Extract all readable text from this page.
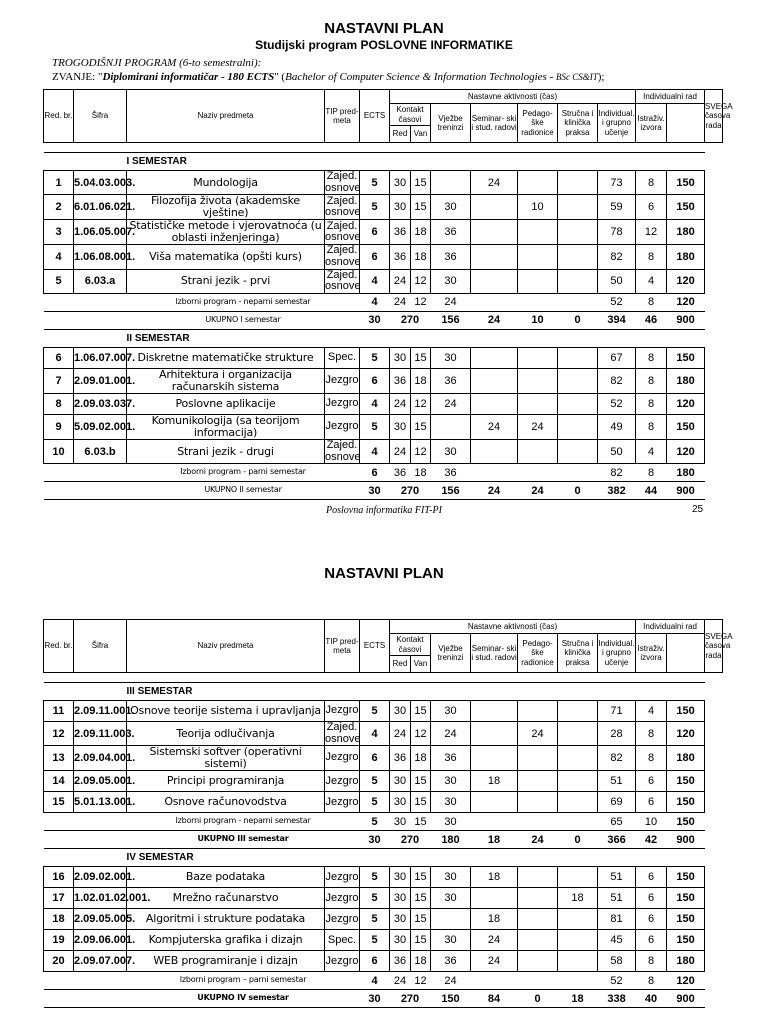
NASTAVNI PLAN
Studijski program POSLOVNE INFORMATIKE
TROGODIŠNJI PROGRAM (6-to semestralni):
ZVANJE: "Diplomirani informatičar - 180 ECTS" (Bachelor of Computer Science & Information Technologies - BSc CS&IT);
Red. br.	Šifra	Naziv predmeta	TIP pred- meta	ECTS	Nastavne aktivnosti (čas)							Individualni rad		SVEGA časova rada
					Kontakt časovi		Vježbe treninzi	Seminar- ski i stud. radovi	Pedago- ške radionice	Stručna i klinička praksa	Individual. i grupno učenje	Istraživ. izvora		
					Red	Van								

		I SEMESTAR												
1	5.04.03.003.	Mundologija	Zajed. osnove	5	30	15		24			73	8	150	
2	6.01.06.021.	Filozofija života (akademske vještine)	Zajed. osnove	5	30	15	30		10		59	6	150	
3	1.06.05.007.	Statističke metode i vjerovatnoća (u oblasti inženjeringa)	Zajed. osnove	6	36	18	36				78	12	180	
4	1.06.08.001.	Viša matematika (opšti kurs)	Zajed. osnove	6	36	18	36				82	8	180	
5	6.03.a	Strani jezik - prvi	Zajed. osnove	4	24	12	30				50	4	120	
		Izborni program - neparni semestar		4	24	12	24				52	8	120	
		UKUPNO I semestar		30	270		156	24	10	0	394	46	900	
		II SEMESTAR												
6	1.06.07.007.	Diskretne matematičke strukture	Spec.	5	30	15	30				67	8	150	
7	2.09.01.001.	Arhitektura i organizacija računarskih sistema	Jezgro	6	36	18	36				82	8	180	
8	2.09.03.037.	Poslovne aplikacije	Jezgro	4	24	12	24				52	8	120	
9	5.09.02.001.	Komunikologija (sa teorijom informacija)	Jezgro	5	30	15		24	24		49	8	150	
10	6.03.b	Strani jezik - drugi	Zajed. osnove	4	24	12	30				50	4	120	
		Izborni program - parni semestar		6	36	18	36				82	8	180	
		UKUPNO II semestar		30	270		156	24	24	0	382	44	900	
Poslovna informatika FIT-PI	25
NASTAVNI PLAN
Red. br.	Šifra	Naziv predmeta	TIP pred- meta	ECTS	Nastavne aktivnosti (čas)							Individualni rad		SVEGA časova rada
					Kontakt časovi		Vježbe treninzi	Seminar- ski i stud. radovi	Pedago- ške radionice	Stručna i klinička praksa	Individual. i grupno učenje	Istraživ. izvora		
					Red	Van								

		III SEMESTAR												
11	2.09.11.001.	Osnove teorije sistema i upravljanja	Jezgro	5	30	15	30				71	4	150	
12	2.09.11.003.	Teorija odlučivanja	Zajed. osnove	4	24	12	24		24		28	8	120	
13	2.09.04.001.	Sistemski softver (operativni sistemi)	Jezgro	6	36	18	36				82	8	180	
14	2.09.05.001.	Principi programiranja	Jezgro	5	30	15	30	18			51	6	150	
15	5.01.13.001.	Osnove računovodstva	Jezgro	5	30	15	30				69	6	150	
		Izborni program - neparni semestar		5	30	15	30				65	10	150	
		UKUPNO III semestar		30	270		180	18	24	0	366	42	900	
		IV SEMESTAR												
16	2.09.02.001.	Baze podataka	Jezgro	5	30	15	30	18			51	6	150	
17	1.02.01.02.001.	Mrežno računarstvo	Jezgro	5	30	15	30			18	51	6	150	
18	2.09.05.005.	Algoritmi i strukture podataka	Jezgro	5	30	15		18			81	6	150	
19	2.09.06.001.	Kompjuterska grafika i dizajn	Spec.	5	30	15	30	24			45	6	150	
20	2.09.07.007.	WEB programiranje i dizajn	Jezgro	6	36	18	36	24			58	8	180	
		Izborni program – parni semestar		4	24	12	24				52	8	120	
		UKUPNO IV semestar		30	270		150	84	0	18	338	40	900	
